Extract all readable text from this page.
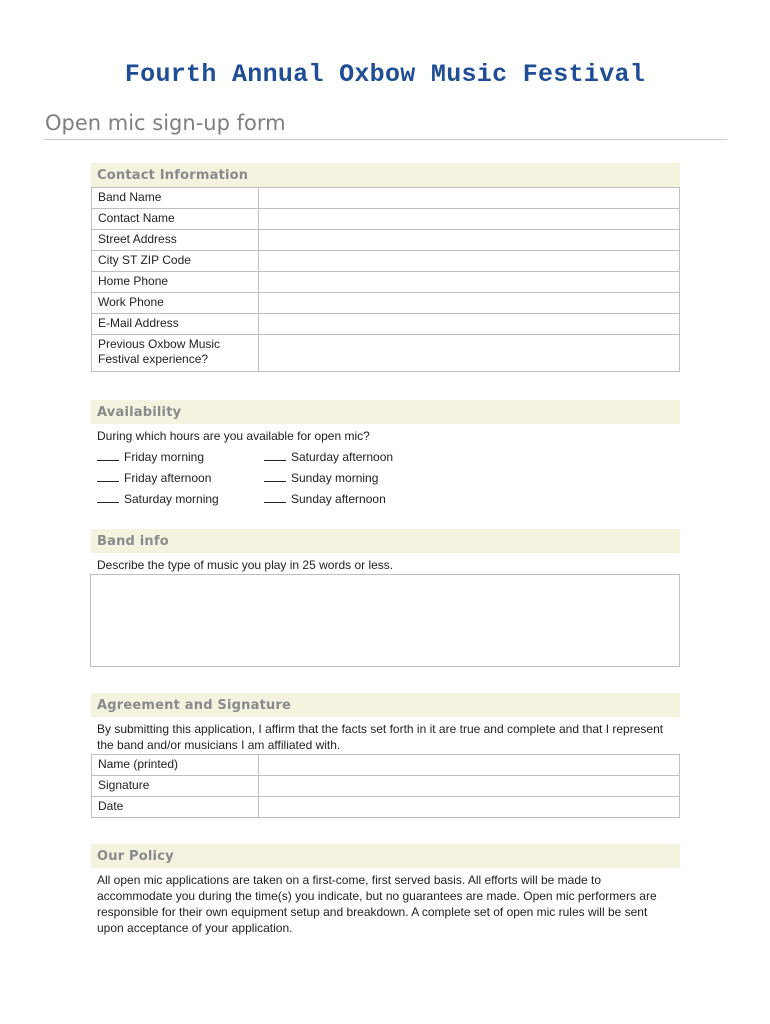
Fourth Annual Oxbow Music Festival
Open mic sign-up form
Contact Information
Band Name	
Contact Name	
Street Address	
City ST ZIP Code	
Home Phone	
Work Phone	
E-Mail Address	
Previous Oxbow Music Festival experience?	
Availability
During which hours are you available for open mic?
Friday morning
Friday afternoon
Saturday morning
Saturday afternoon
Sunday morning
Sunday afternoon
Band info
Describe the type of music you play in 25 words or less.
Agreement and Signature
By submitting this application, I affirm that the facts set forth in it are true and complete and that I represent the band and/or musicians I am affiliated with.
Name (printed)	
Signature	
Date	
Our Policy
All open mic applications are taken on a first-come, first served basis. All efforts will be made to accommodate you during the time(s) you indicate, but no guarantees are made. Open mic performers are responsible for their own equipment setup and breakdown. A complete set of open mic rules will be sent upon acceptance of your application.
